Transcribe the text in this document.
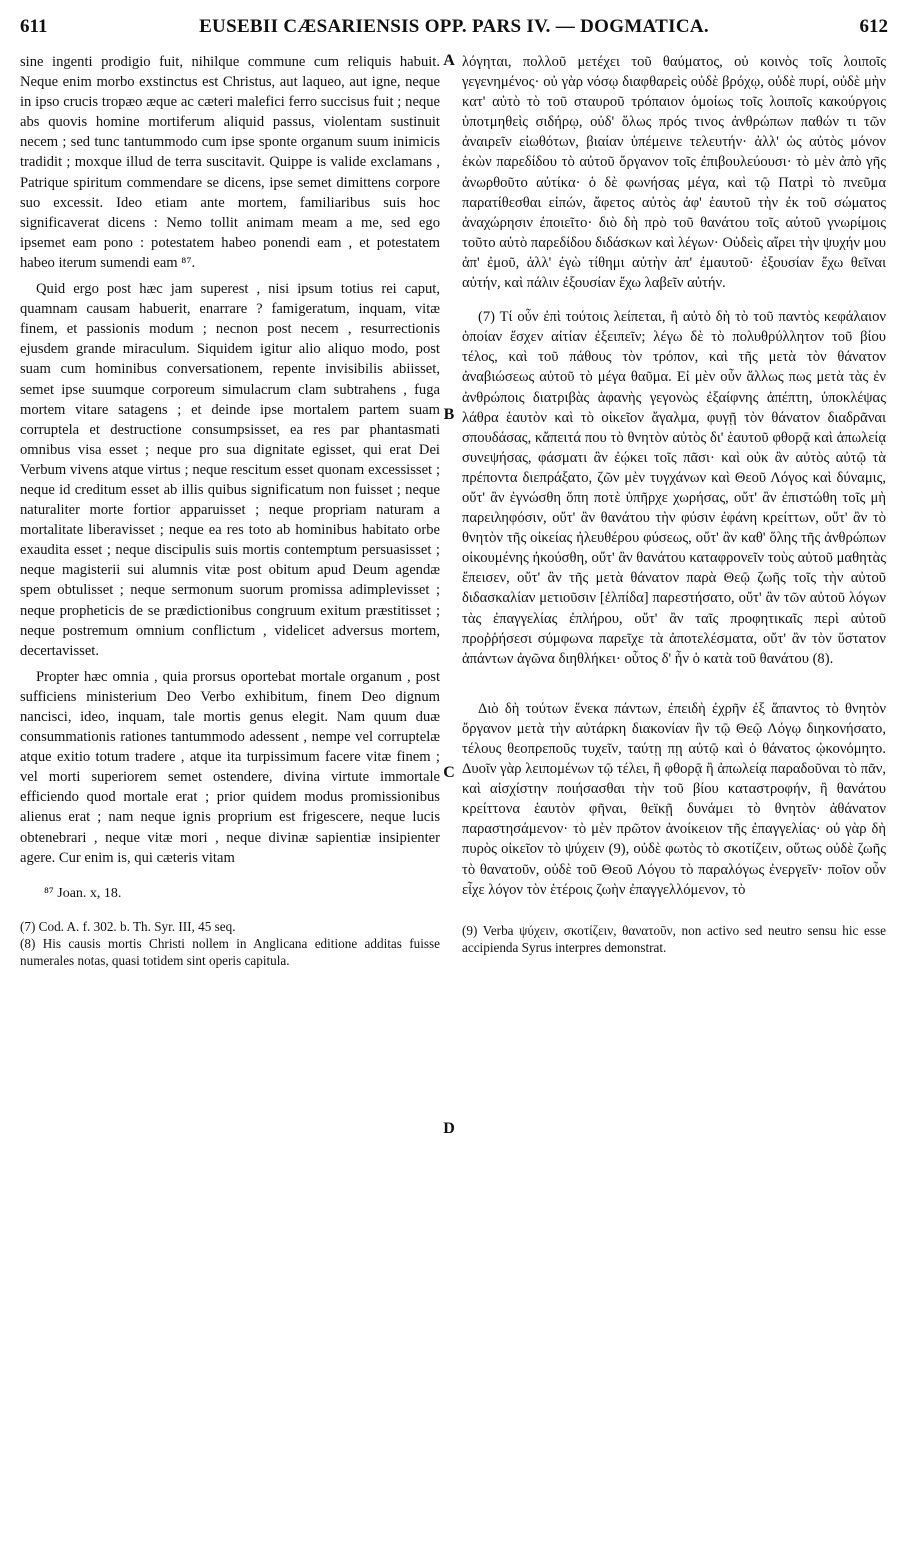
611	EUSEBII CÆSARIENSIS OPP. PARS IV. — DOGMATICA.	612

sine ingenti prodigio fuit, nihilque commune cum reliquis habuit. Neque enim morbo exstinctus est Christus, aut laqueo, aut igne, neque in ipso crucis tropæo æque ac cæteri malefici ferro succisus fuit ; neque abs quovis homine mortiferum aliquid passus, violentam sustinuit necem ; sed tunc tantummodo cum ipse sponte organum suum inimicis tradidit ; moxque illud de terra suscitavit. Quippe is valide exclamans , Patrique spiritum commendare se dicens, ipse semet dimittens corpore suo excessit. Ideo etiam ante mortem, familiaribus suis hoc significaverat dicens : Nemo tollit animam meam a me, sed ego ipsemet eam pono : potestatem habeo ponendi eam , et potestatem habeo iterum sumendi eam ⁸⁷.

Quid ergo post hæc jam superest , nisi ipsum totius rei caput, quamnam causam habuerit, enarrare ? famigeratum, inquam, vitæ finem, et passionis modum ; necnon post necem , resurrectionis ejusdem grande miraculum. Siquidem igitur alio aliquo modo, post suam cum hominibus conversationem, repente invisibilis abiisset, semet ipse suumque corporeum simulacrum clam subtrahens , fuga mortem vitare satagens ; et deinde ipse mortalem partem suam corruptela et destructione consumpsisset, ea res par phantasmati omnibus visa esset ; neque pro sua dignitate egisset, qui erat Dei Verbum vivens atque virtus ; neque rescitum esset quonam excessisset ; neque id creditum esset ab illis quibus significatum non fuisset ; neque naturaliter morte fortior apparuisset ; neque propriam naturam a mortalitate liberavisset ; neque ea res toto ab hominibus habitato orbe exaudita esset ; neque discipulis suis mortis contemptum persuasisset ; neque magisterii sui alumnis vitæ post obitum apud Deum agendæ spem obtulisset ; neque sermonum suorum promissa adimplevisset ; neque propheticis de se prædictionibus congruum exitum præstitisset ; neque postremum omnium conflictum , videlicet adversus mortem, decertavisset.

Propter hæc omnia , quia prorsus oportebat mortale organum , post sufficiens ministerium Deo Verbo exhibitum, finem Deo dignum nancisci, ideo, inquam, tale mortis genus elegit. Nam quum duæ consummationis rationes tantummodo adessent , nempe vel corruptelæ atque exitio totum tradere , atque ita turpissimum facere vitæ finem ; vel morti superiorem semet ostendere, divina virtute immortale efficiendo quod mortale erat ; prior quidem modus promissionibus alienus erat ; nam neque ignis proprium est frigescere, neque lucis obtenebrari , neque vitæ mori , neque divinæ sapientiæ insipienter agere. Cur enim is, qui cæteris vitam

⁸⁷ Joan. x, 18.

(7) Cod. A. f. 302. b. Th. Syr. III, 45 seq.

(8) His causis mortis Christi nollem in Anglicana editione additas fuisse numerales notas, quasi totidem sint operis capitula.

A
B
C
D

λόγηται, πολλοῦ μετέχει τοῦ θαύματος, οὐ κοινὸς τοῖς λοιποῖς γεγενημένος· οὐ γὰρ νόσῳ διαφθαρεὶς οὐδὲ βρόχῳ, οὐδὲ πυρί, οὐδὲ μὴν κατ' αὐτὸ τὸ τοῦ σταυροῦ τρόπαιον ὁμοίως τοῖς λοιποῖς κακούργοις ὑποτμηθεὶς σιδήρῳ, οὐδ' ὅλως πρός τινος ἀνθρώπων παθών τι τῶν ἀναιρεῖν εἰωθότων, βιαίαν ὑπέμεινε τελευτήν· ἀλλ' ὡς αὐτὸς μόνον ἑκὼν παρεδίδου τὸ αὐτοῦ ὄργανον τοῖς ἐπιβουλεύουσι· τὸ μὲν ἀπὸ γῆς ἀνωρθοῦτο αὐτίκα· ὁ δὲ φωνήσας μέγα, καὶ τῷ Πατρὶ τὸ πνεῦμα παρατίθεσθαι εἰπών, ἄφετος αὐτὸς ἀφ' ἑαυτοῦ τὴν ἐκ τοῦ σώματος ἀναχώρησιν ἐποιεῖτο· διὸ δὴ πρὸ τοῦ θανάτου τοῖς αὐτοῦ γνωρίμοις τοῦτο αὐτὸ παρεδίδου διδάσκων καὶ λέγων· Οὐδεὶς αἴρει τὴν ψυχήν μου ἀπ' ἐμοῦ, ἀλλ' ἐγὼ τίθημι αὐτὴν ἀπ' ἐμαυτοῦ· ἐξουσίαν ἔχω θεῖναι αὐτήν, καὶ πάλιν ἐξουσίαν ἔχω λαβεῖν αὐτήν.

(7) Τί οὖν ἐπὶ τούτοις λείπεται, ἢ αὐτὸ δὴ τὸ τοῦ παντὸς κεφάλαιον ὁποίαν ἔσχεν αἰτίαν ἐξειπεῖν; λέγω δὲ τὸ πολυθρύλλητον τοῦ βίου τέλος, καὶ τοῦ πάθους τὸν τρόπον, καὶ τῆς μετὰ τὸν θάνατον ἀναβιώσεως αὐτοῦ τὸ μέγα θαῦμα. Εἰ μὲν οὖν ἄλλως πως μετὰ τὰς ἐν ἀνθρώποις διατριβὰς ἀφανὴς γεγονὼς ἐξαίφνης ἀπέπτη, ὑποκλέψας λάθρα ἑαυτὸν καὶ τὸ οἰκεῖον ἄγαλμα, φυγῇ τὸν θάνατον διαδρᾶναι σπουδάσας, κἄπειτά που τὸ θνητὸν αὐτὸς δι' ἑαυτοῦ φθορᾷ καὶ ἀπωλείᾳ συνεψήσας, φάσματι ἂν ἐῴκει τοῖς πᾶσι· καὶ οὐκ ἂν αὐτὸς αὐτῷ τὰ πρέποντα διεπράξατο, ζῶν μὲν τυγχάνων καὶ Θεοῦ Λόγος καὶ δύναμις, οὔτ' ἂν ἐγνώσθη ὅπη ποτὲ ὑπῆρχε χωρήσας, οὔτ' ἂν ἐπιστώθη τοῖς μὴ παρειληφόσιν, οὔτ' ἂν θανάτου τὴν φύσιν ἐφάνη κρείττων, οὔτ' ἂν τὸ θνητὸν τῆς οἰκείας ἠλευθέρου φύσεως, οὔτ' ἂν καθ' ὅλης τῆς ἀνθρώπων οἰκουμένης ἠκούσθη, οὔτ' ἂν θανάτου καταφρονεῖν τοὺς αὐτοῦ μαθητὰς ἔπεισεν, οὔτ' ἂν τῆς μετὰ θάνατον παρὰ Θεῷ ζωῆς τοῖς τὴν αὐτοῦ διδασκαλίαν μετιοῦσιν [ἐλπίδα] παρεστήσατο, οὔτ' ἂν τῶν αὐτοῦ λόγων τὰς ἐπαγγελίας ἐπλήρου, οὔτ' ἂν ταῖς προφητικαῖς περὶ αὐτοῦ προῤῥήσεσι σύμφωνα παρεῖχε τὰ ἀποτελέσματα, οὔτ' ἂν τὸν ὕστατον ἁπάντων ἀγῶνα διηθλήκει· οὗτος δ' ἦν ὁ κατὰ τοῦ θανάτου (8).

Διὸ δὴ τούτων ἕνεκα πάντων, ἐπειδὴ ἐχρῆν ἐξ ἅπαντος τὸ θνητὸν ὄργανον μετὰ τὴν αὐτάρκη διακονίαν ἣν τῷ Θεῷ Λόγῳ διηκονήσατο, τέλους θεοπρεποῦς τυχεῖν, ταύτῃ πῃ αὐτῷ καὶ ὁ θάνατος ᾠκονόμητο. Δυοῖν γὰρ λειπομένων τῷ τέλει, ἢ φθορᾷ ἢ ἀπωλείᾳ παραδοῦναι τὸ πᾶν, καὶ αἰσχίστην ποιήσασθαι τὴν τοῦ βίου καταστροφήν, ἢ θανάτου κρείττονα ἑαυτὸν φῆναι, θεϊκῇ δυνάμει τὸ θνητὸν ἀθάνατον παραστησάμενον· τὸ μὲν πρῶτον ἀνοίκειον τῆς ἐπαγγελίας· οὐ γὰρ δὴ πυρὸς οἰκεῖον τὸ ψύχειν (9), οὐδὲ φωτὸς τὸ σκοτίζειν, οὕτως οὐδὲ ζωῆς τὸ θανατοῦν, οὐδὲ τοῦ Θεοῦ Λόγου τὸ παραλόγως ἐνεργεῖν· ποῖον οὖν εἶχε λόγον τὸν ἑτέροις ζωὴν ἐπαγγελλόμενον, τὸ

(9) Verba ψύχειν, σκοτίζειν, θανατοῦν, non activo sed neutro sensu hic esse accipienda Syrus interpres demonstrat.
